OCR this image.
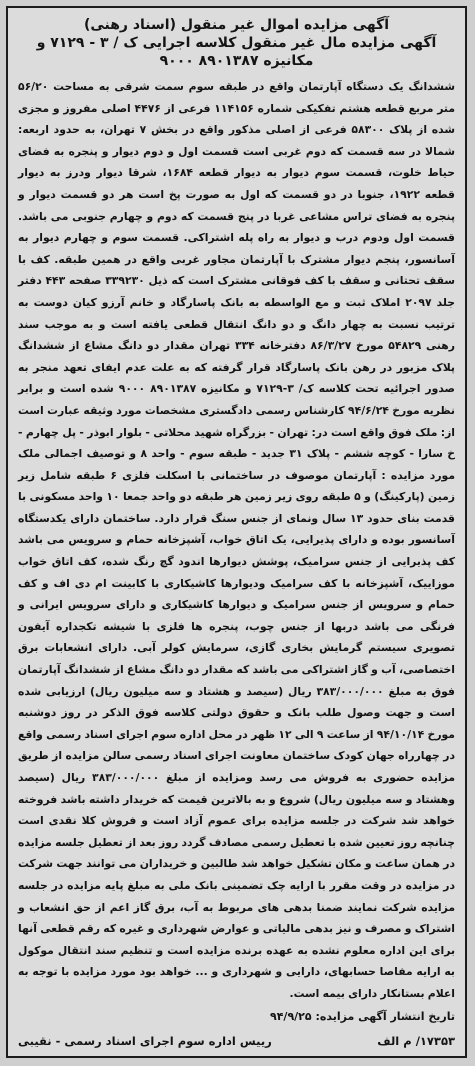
آگهی مزایده اموال غیر منقول (اسناد رهنی)

آگهی مزایده مال غیر منقول کلاسه اجرایی ک / ۳ - ۷۱۲۹ و

مکانیزه ۸۹۰۱۳۸۷ ۹۰۰۰

ششدانگ یک دستگاه آپارتمان واقع در طبقه سوم سمت شرقی به مساحت ۵۶/۲۰ متر مربع قطعه هشتم تفکیکی شماره ۱۱۴۱۵۶ فرعی از ۴۴۷۶ اصلی مفروز و مجزی شده از پلاک ۵۸۳۰۰ فرعی از اصلی مذکور واقع در بخش ۷ تهران، به حدود اربعه: شمالا در سه قسمت که دوم غربی است قسمت اول و دوم دیوار و پنجره به فضای حیاط خلوت، قسمت سوم دیوار به دیوار قطعه ۱۶۸۴، شرقا دیوار ودرز به دیوار قطعه ۱۹۲۲، جنوبا در دو قسمت که اول به صورت پخ است هر دو قسمت دیوار و پنجره به فضای تراس مشاعی غربا در پنج قسمت که دوم و چهارم جنوبی می باشد. قسمت اول ودوم درب و دیوار به راه پله اشتراکی. قسمت سوم و چهارم دیوار به آسانسور، پنجم دیوار مشترک با آپارتمان مجاور غربی واقع در همین طبقه. کف با سقف تحتانی و سقف با کف فوقانی مشترک است که ذیل ۳۳۹۲۳۰ صفحه ۴۴۳ دفتر جلد ۲۰۹۷ املاک ثبت و مع الواسطه به بانک پاسارگاد و خانم آرزو کیان دوست به ترتیب نسبت به چهار دانگ و دو دانگ انتقال قطعی یافته است و به موجب سند رهنی ۵۴۸۲۹ مورخ ۸۶/۳/۲۷ دفترخانه ۳۳۴ تهران مقدار دو دانگ مشاع از ششدانگ پلاک مزبور در رهن بانک پاسارگاد قرار گرفته که به علت عدم ایفای تعهد منجر به صدور اجرائیه تحت کلاسه ک/ ۳-۷۱۲۹ و مکانیزه ۸۹۰۱۳۸۷ ۹۰۰۰ شده است و برابر نظریه مورخ ۹۴/۶/۲۴ کارشناس رسمی دادگستری مشخصات مورد وثیقه عبارت است از: ملک فوق واقع است در: تهران - بزرگراه شهید محلاتی - بلوار ابوذر - پل چهارم - خ سارا - کوچه ششم - پلاک ۳۱ جدید - طبقه سوم - واحد ۸ و توصیف اجمالی ملک مورد مزایده : آپارتمان موصوف در ساختمانی با اسکلت فلزی ۶ طبقه شامل زیر زمین (پارکینگ) و ۵ طبقه روی زیر زمین هر طبقه دو واحد جمعا ۱۰ واحد مسکونی با قدمت بنای حدود ۱۳ سال ونمای از جنس سنگ قرار دارد. ساختمان دارای یکدستگاه آسانسور بوده و دارای پذیرایی، یک اتاق خواب، آشپزخانه حمام و سرویس می باشد کف پذیرایی از جنس سرامیک، پوشش دیوارها اندود گچ رنگ شده، کف اتاق خواب موزاییک، آشپزخانه با کف سرامیک ودیوارها کاشیکاری با کابینت ام دی اف و کف حمام و سرویس از جنس سرامیک و دیوارها کاشیکاری و دارای سرویس ایرانی و فرنگی می باشد دربها از جنس چوب، پنجره ها فلزی با شیشه تکجداره آیفون تصویری سیستم گرمایش بخاری گازی، سرمایش کولر آبی. دارای انشعابات برق اختصاصی، آب و گاز اشتراکی می باشد که مقدار دو دانگ مشاع از ششدانگ آپارتمان فوق به مبلغ ۳۸۳/۰۰۰/۰۰۰ ریال (سیصد و هشتاد و سه میلیون ریال) ارزیابی شده است و جهت وصول طلب بانک و حقوق دولتی کلاسه فوق الذکر در روز دوشنبه مورخ ۹۴/۱۰/۱۴ از ساعت ۹ الی ۱۲ ظهر در محل اداره سوم اجرای اسناد رسمی واقع در چهارراه جهان کودک ساختمان معاونت اجرای اسناد رسمی سالن مزایده از طریق مزایده حضوری به فروش می رسد ومزایده از مبلغ ۳۸۳/۰۰۰/۰۰۰ ریال (سیصد وهشتاد و سه میلیون ریال) شروع و به بالاترین قیمت که خریدار داشته باشد فروخته خواهد شد شرکت در جلسه مزایده برای عموم آزاد است و فروش کلا نقدی است چنانچه روز تعیین شده با تعطیل رسمی مصادف گردد روز بعد از تعطیل جلسه مزایده در همان ساعت و مکان تشکیل خواهد شد طالبین و خریداران می توانند جهت شرکت در مزایده در وقت مقرر با ارایه چک تضمینی بانک ملی به مبلغ پایه مزایده در جلسه مزایده شرکت نمایند ضمنا بدهی های مربوط به آب، برق گاز اعم از حق انشعاب و اشتراک و مصرف و نیز بدهی مالیاتی و عوارض شهرداری و غیره که رقم قطعی آنها برای این اداره معلوم نشده به عهده برنده مزایده است و تنظیم سند انتقال موکول به ارایه مفاصا حسابهای، دارایی و شهرداری و ... خواهد بود مورد مزایده با توجه به اعلام بستانکار دارای بیمه است.
تاریخ انتشار آگهی مزایده: ۹۴/۹/۲۵
۱۷۳۵۳/ م الف
رییس اداره سوم اجرای اسناد رسمی - نقیبی
